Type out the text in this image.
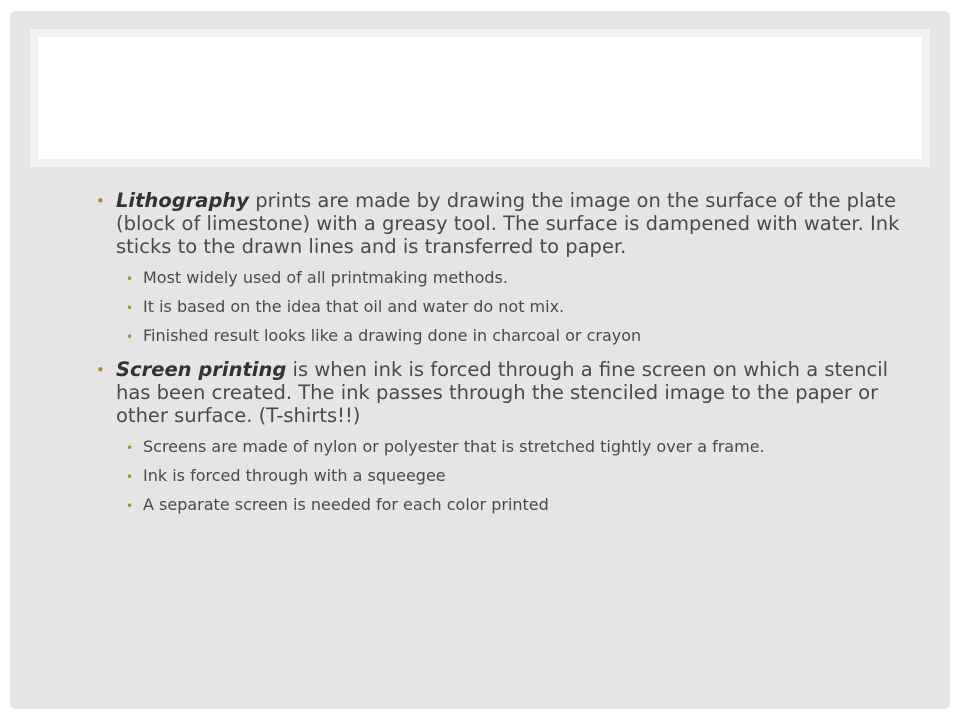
• Lithography prints are made by drawing the image on the surface of the plate (block of limestone) with a greasy tool. The surface is dampened with water. Ink sticks to the drawn lines and is transferred to paper.
• Most widely used of all printmaking methods.
• It is based on the idea that oil and water do not mix.
• Finished result looks like a drawing done in charcoal or crayon
• Screen printing is when ink is forced through a fine screen on which a stencil has been created. The ink passes through the stenciled image to the paper or other surface. (T-shirts!!)
• Screens are made of nylon or polyester that is stretched tightly over a frame.
• Ink is forced through with a squeegee
• A separate screen is needed for each color printed
